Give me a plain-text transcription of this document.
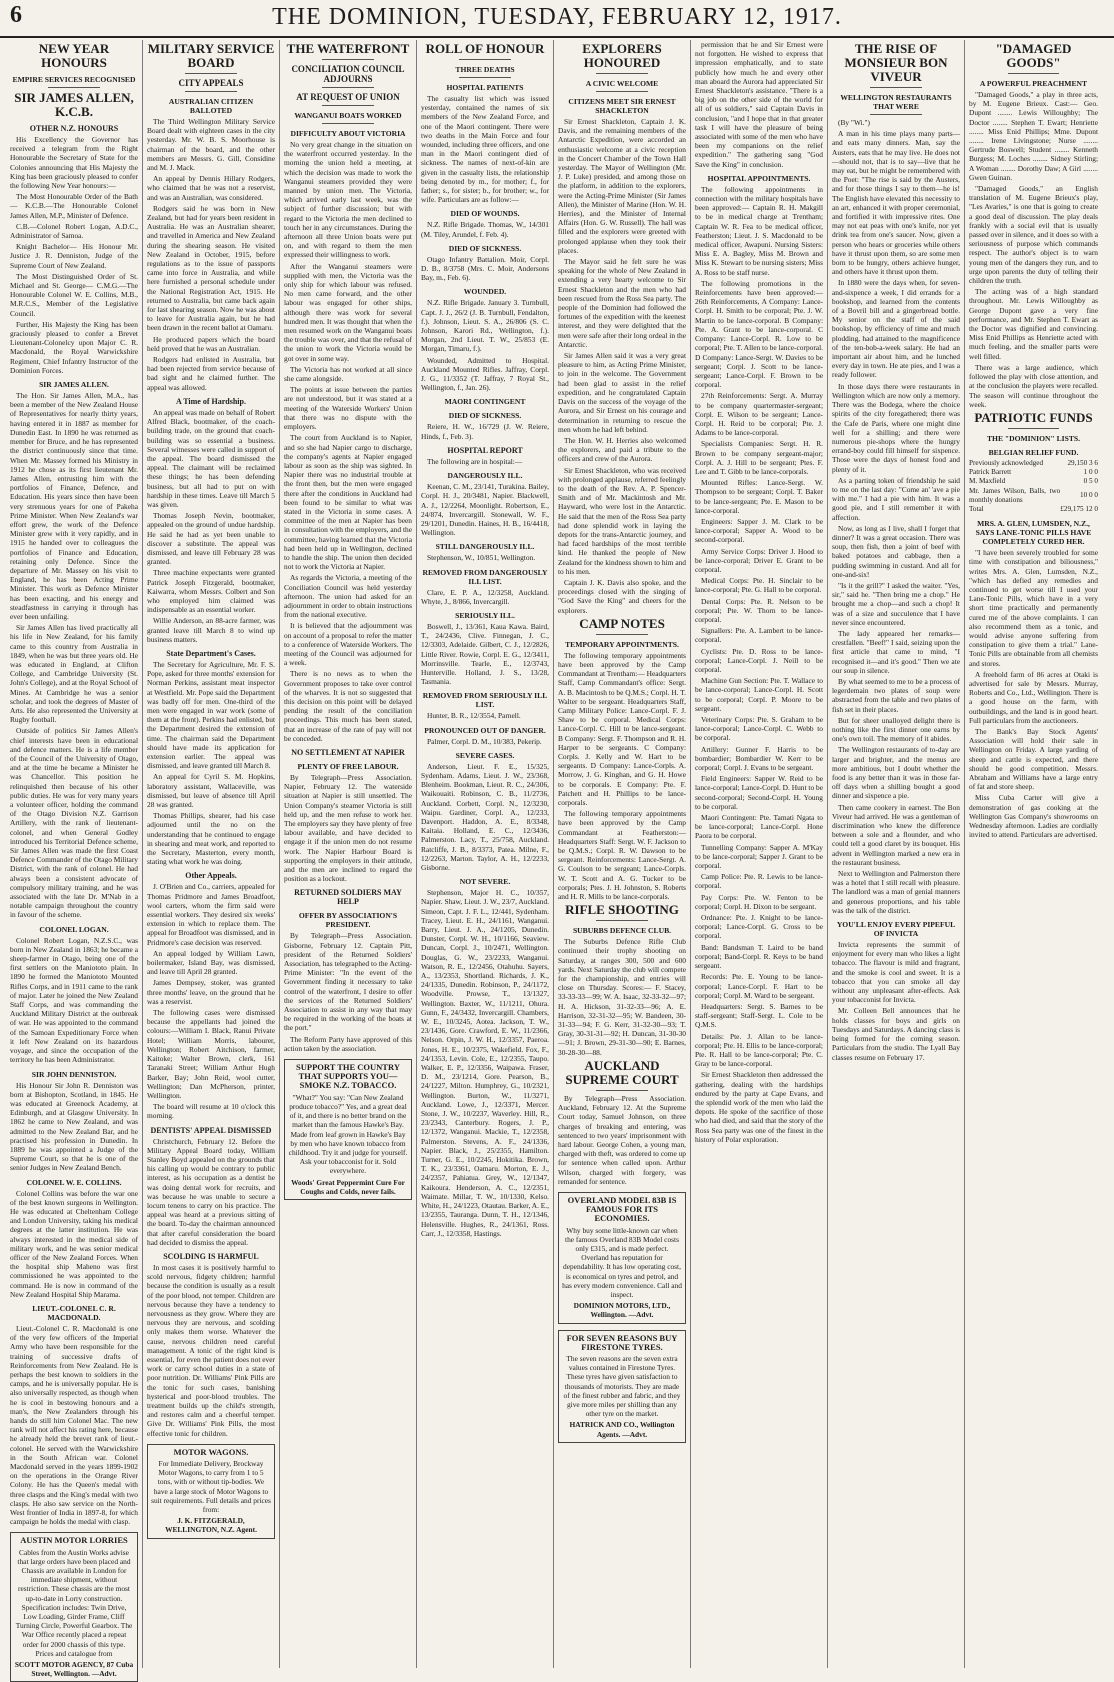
6	THE DOMINION, TUESDAY, FEBRUARY 12, 1917.
NEW YEAR HONOURS
EMPIRE SERVICES RECOGNISED
SIR JAMES ALLEN, K.C.B.
OTHER N.Z. HONOURS

His Excellency the Governor has received a telegram from the Right Honourable the Secretary of State for the Colonies announcing that His Majesty the King has been graciously pleased to confer the following New Year honours:—

The Most Honourable Order of the Bath— K.C.B.—The Honourable Colonel James Allen, M.P., Minister of Defence.

C.B.—Colonel Robert Logan, A.D.C., Administrator of Samoa.

Knight Bachelor— His Honour Mr. Justice J. R. Denniston, Judge of the Supreme Court of New Zealand.

The Most Distinguished Order of St. Michael and St. George— C.M.G.—The Honourable Colonel W. E. Collins, M.B., M.R.C.S., Member of the Legislative Council.

Further, His Majesty the King has been graciously pleased to confer a Brevet Lieutenant-Colonelcy upon Major C. R. Macdonald, the Royal Warwickshire Regiment, Chief Infantry Instructor of the Dominion Forces.

SIR JAMES ALLEN.

The Hon. Sir James Allen, M.A., has been a member of the New Zealand House of Representatives for nearly thirty years, having entered it in 1887 as member for Dunedin East. In 1890 he was returned as member for Bruce, and he has represented the district continuously since that time. When Mr. Massey formed his Ministry in 1912 he chose as its first lieutenant Mr. James Allen, entrusting him with the portfolios of Finance, Defence, and Education. His years since then have been very strenuous years for one of Pakeha Prime Minister. When New Zealand's war effort grew, the work of the Defence Minister grew with it very rapidly, and in 1915 he handed over to colleagues the portfolios of Finance and Education, retaining only Defence. Since the departure of Mr. Massey on his visit to England, he has been Acting Prime Minister. This work as Defence Minister has been exacting, and his energy and steadfastness in carrying it through has ever been unfailing.

Sir James Allen has lived practically all his life in New Zealand, for his family came to this country from Australia in 1849, when he was but three years old. He was educated in England, at Clifton College, and Cambridge University (St. John's College), and at the Royal School of Mines. At Cambridge he was a senior scholar, and took the degrees of Master of Arts. He also represented the University at Rugby football.

Outside of politics Sir James Allen's chief interests have been in educational and defence matters. He is a life member of the Council of the University of Otago, and at the time he became a Minister he was Chancellor. This position he relinquished then because of his other public duties. He was for very many years a volunteer officer, holding the command of the Otago Division N.Z. Garrison Artillery, with the rank of lieutenant-colonel, and when General Godley introduced his Territorial Defence scheme, Sir James Allen was made the first Coast Defence Commander of the Otago Military District, with the rank of colonel. He had always been a consistent advocate of compulsory military training, and he was associated with the late Dr. M'Nab in a notable campaign throughout the country in favour of the scheme.

COLONEL LOGAN.

Colonel Robert Logan, N.Z.S.C., was born in New Zealand in 1863; he became a sheep-farmer in Otago, being one of the first settlers on the Maniototo plain. In 1890 he formed the Maniototo Mounted Rifles Corps, and in 1911 came to the rank of major. Later he joined the New Zealand Staff Corps, and was commanding the Auckland Military District at the outbreak of war. He was appointed to the command of the Samoan Expeditionary Force when it left New Zealand on its hazardous voyage, and since the occupation of the territory he has been Administrator.

SIR JOHN DENNISTON.

His Honour Sir John R. Denniston was born at Bishopton, Scotland, in 1845. He was educated at Greenock Academy, at Edinburgh, and at Glasgow University. In 1862 he came to New Zealand, and was admitted to the New Zealand Bar, and he practised his profession in Dunedin. In 1889 he was appointed a Judge of the Supreme Court, so that he is one of the senior Judges in New Zealand Bench.

COLONEL W. E. COLLINS.

Colonel Collins was before the war one of the best known surgeons in Wellington. He was educated at Cheltenham College and London University, taking his medical degrees at the latter institution. He was always interested in the medical side of military work, and he was senior medical officer of the New Zealand Forces. When the hospital ship Maheno was first commissioned he was appointed to the command. He is now in command of the New Zealand Hospital Ship Marama.

LIEUT.-COLONEL C. R. MACDONALD.

Lieut.-Colonel C. R. Macdonald is one of the very few officers of the Imperial Army who have been responsible for the training of successive drafts of Reinforcements from New Zealand. He is perhaps the best known to soldiers in the camps, and he is universally popular. He is also universally respected, as though when he is cool in bestowing honours and a man's, the New Zealanders through his hands do still him Colonel Mac. The new rank will not affect his rating here, because he already held the brevet rank of lieut.-colonel. He served with the Warwickshire in the South African war. Colonel Macdonald served in the years 1899-1902 on the operations in the Orange River Colony. He has the Queen's medal with three clasps and the King's medal with two clasps. He also saw service on the North-West frontier of India in 1897-8, for which campaign he holds the medal with clasp.

AUSTIN MOTOR LORRIES

Cables from the Austin Works advise that large orders have been placed and Chassis are available in London for immediate shipment, without restriction. These chassis are the most up-to-date in Lorry construction. Specification includes: Twin Drive, Low Loading, Girder Frame, Cliff Turning Circle, Powerful Gearbox. The War Office recently placed a repeat order for 2000 chassis of this type. Prices and catalogue from

SCOTT MOTOR AGENCY, 87 Cuba Street, Wellington. —Advt.
MILITARY SERVICE BOARD
CITY APPEALS
AUSTRALIAN CITIZEN BALLOTED

The Third Wellington Military Service Board dealt with eighteen cases in the city yesterday. Mr. W. B. S. Moorhouse is chairman of the board, and the other members are Messrs. G. Gill, Considine and M. J. Mack.

An appeal by Dennis Hillary Rodgers, who claimed that he was not a reservist, and was an Australian, was considered.

Rodgers said he was born in New Zealand, but had for years been resident in Australia. He was an Australian shearer, and travelled in America and New Zealand during the shearing season. He visited New Zealand in October, 1915, before regulations as to the issue of passports came into force in Australia, and while here furnished a personal schedule under the National Registration Act, 1915. He returned to Australia, but came back again for last shearing season. Now he was about to leave for Australia again, but he had been drawn in the recent ballot at Oamaru.

He produced papers which the board held proved that he was an Australian.

Rodgers had enlisted in Australia, but had been rejected from service because of bad sight and he claimed further. The appeal was allowed.

A Time of Hardship.

An appeal was made on behalf of Robert Alfred Black, bootmaker, of the coach-building trade, on the ground that coach-building was so essential a business. Several witnesses were called in support of the appeal. The board dismissed the appeal. The claimant will be reclaimed these things; he has been defending business, but all had to put on with hardship in these times. Leave till March 5 was given.

Thomas Joseph Nevin, bootmaker, appealed on the ground of undue hardship. He said he had as yet been unable to discover a substitute. The appeal was dismissed, and leave till February 28 was granted.

Three machine expectants were granted Patrick Joseph Fitzgerald, bootmaker, Kaiwarra, whom Messrs. Colbert and Son who employed him claimed was indispensable as an essential worker.

Willie Anderson, an 88-acre farmer, was granted leave till March 8 to wind up business matters.

State Department's Cases.

The Secretary for Agriculture, Mr. F. S. Pope, asked for three months' extension for Norman Perkins, assistant meat inspector at Westfield. Mr. Pope said the Department was badly off for men. One-third of the men were engaged in war work (some of them at the front). Perkins had enlisted, but the Department desired the extension of time. The chairman said the Department should have made its application for extension earlier. The appeal was dismissed, and leave granted till March 8.

An appeal for Cyril S. M. Hopkins, laboratory assistant, Wallaceville, was dismissed, but leave of absence till April 28 was granted.

Thomas Phillips, shearer, had his case adjourned until the no on the understanding that he continued to engage in shearing and meat work, and reported to the Secretary, Masterton, every month, stating what work he was doing.

Other Appeals.

J. O'Brien and Co., carriers, appealed for Thomas Pridmore and James Broadfoot, wool carters, whom the firm said were essential workers. They desired six weeks' extension in which to replace them. The appeal for Broadfoot was dismissed, and in Pridmore's case decision was reserved.

An appeal lodged by William Lawn, boilermaker, Island Bay, was dismissed, and leave till April 28 granted.

James Dempsey, stoker, was granted three months' leave, on the ground that he was a reservist.

The following cases were dismissed because the appellants had joined the colours:—William I. Black, Ranui Private Hotel; William Morris, labourer, Wellington; Robert Aitchison, farmer, Kaitoke; Walter Brown, clerk, 161 Taranaki Street; William Arthur Hugh Barker, Bay; John Reid, wool cutter, Wellington; Dan McPherson, printer, Wellington.

The board will resume at 10 o'clock this morning.

DENTISTS' APPEAL DISMISSED

Christchurch, February 12. Before the Military Appeal Board today, William Stanley Boyd appealed on the grounds that his calling up would be contrary to public interest, as his occupation as a dentist he was doing dental work for recruits, and was because he was unable to secure a locum tenens to carry on his practice. The appeal was heard at a previous sitting of the board. To-day the chairman announced that after careful consideration the board had decided to dismiss the appeal.

SCOLDING IS HARMFUL

In most cases it is positively harmful to scold nervous, fidgety children; harmful because the condition is usually as a result of the poor blood, not temper. Children are nervous because they have a tendency to nervousness as they grow. Where they are nervous they are nervous, and scolding only makes them worse. Whatever the cause, nervous children need careful management. A tonic of the right kind is essential, for even the patient does not ever work or carry school duties in a state of poor nutrition. Dr. Williams' Pink Pills are the tonic for such cases, banishing hysterical and poor-blood troubles. The treatment builds up the child's strength, and restores calm and a cheerful temper. Give Dr. Williams' Pink Pills, the most effective tonic for children.

MOTOR WAGONS.

For Immediate Delivery, Brockway Motor Wagons, to carry from 1 to 5 tons, with or without tip-bodies. We have a large stock of Motor Wagons to suit requirements. Full details and prices from:

J. K. FITZGERALD, WELLINGTON, N.Z. Agent.
THE WATERFRONT
CONCILIATION COUNCIL ADJOURNS
AT REQUEST OF UNION
WANGANUI BOATS WORKED
DIFFICULTY ABOUT VICTORIA

No very great change in the situation on the waterfront occurred yesterday. In the morning the union held a meeting, at which the decision was made to work the Wanganui steamers provided they were manned by union men. The Victoria, which arrived early last week, was the subject of further discussion; but with regard to the Victoria the men declined to touch her in any circumstances. During the afternoon all three Union boats were put on, and with regard to them the men expressed their willingness to work.

After the Wanganui steamers were supplied with men, the Victoria was the only ship for which labour was refused. No men came forward, and the other labour was engaged for other ships, although there was work for several hundred men. It was thought that when the men resumed work on the Wanganui boats the trouble was over, and that the refusal of the union to work the Victoria would be got over in some way.

The Victoria has not worked at all since she came alongside.

The points at issue between the parties are not understood, but it was stated at a meeting of the Waterside Workers' Union that there was no dispute with the employers.

The court from Auckland is to Napier, and so she had Napier cargo to discharge, the company's agents at Napier engaged labour as soon as the ship was sighted. In Napier there was no industrial trouble at the front then, but the men were engaged there after the conditions in Auckland had been found to be similar to what was stated in the Victoria in some cases. A committee of the men at Napier has been in consultation with the employers, and the committee, having learned that the Victoria had been held up in Wellington, declined to handle the ship. The union then decided not to work the Victoria at Napier.

As regards the Victoria, a meeting of the Conciliation Council was held yesterday afternoon. The union had asked for an adjournment in order to obtain instructions from the national executive.

It is believed that the adjournment was on account of a proposal to refer the matter to a conference of Waterside Workers. The meeting of the Council was adjourned for a week.

There is no news as to when the Government proposes to take over control of the wharves. It is not so suggested that this decision on this point will be delayed pending the result of the conciliation proceedings. This much has been stated, that an increase of the rate of pay will not be conceded.

NO SETTLEMENT AT NAPIER
PLENTY OF FREE LABOUR.

By Telegraph—Press Association. Napier, February 12. The waterside situation at Napier is still unsettled. The Union Company's steamer Victoria is still held up, and the men refuse to work her. The employers say they have plenty of free labour available, and have decided to engage it if the union men do not resume work. The Napier Harbour Board is supporting the employers in their attitude, and the men are inclined to regard the position as a lockout.

RETURNED SOLDIERS MAY HELP
OFFER BY ASSOCIATION'S PRESIDENT.

By Telegraph—Press Association. Gisborne, February 12. Captain Pitt, president of the Returned Soldiers' Association, has telegraphed to the Acting-Prime Minister: "In the event of the Government finding it necessary to take control of the waterfront, I desire to offer the services of the Returned Soldiers' Association to assist in any way that may be required in the working of the boats at the port."

The Reform Party have approved of this action taken by the association.

SUPPORT THE COUNTRY THAT SUPPORTS YOU—SMOKE N.Z. TOBACCO.

"What?" You say: "Can New Zealand produce tobacco?" Yes, and a great deal of it, and there is no better brand on the market than the famous Hawke's Bay. Made from leaf grown in Hawke's Bay by men who have known tobacco from childhood. Try it and judge for yourself. Ask your tobacconist for it. Sold everywhere.

Woods' Great Peppermint Cure For Coughs and Colds, never fails.
ROLL OF HONOUR
THREE DEATHS
HOSPITAL PATIENTS

The casualty list which was issued yesterday, contained the names of six members of the New Zealand Force, and one of the Maori contingent. There were two deaths in the Main Force and four wounded, including three officers, and one man in the Maori contingent died of sickness. The names of next-of-kin are given in the casualty lists, the relationship being denoted by m., for mother; f., for father; s., for sister; b., for brother; w., for wife. Particulars are as follow:—

DIED OF WOUNDS.

N.Z. Rifle Brigade. Thomas, W., 14/301 (M. Tiley, Arundel, f. Feb. 4).

DIED OF SICKNESS.

Otago Infantry Battalion. Moir, Corpl. D. B., 8/3758 (Mrs. C. Moir, Andersons Bay, m., Feb. 6).

WOUNDED.

N.Z. Rifle Brigade. January 3. Turnbull, Capt. J. J., 26/2 (J. B. Turnbull, Fendalton, f.). Johnson, Lieut. S. A., 26/806 (S. C. Johnson, Karori Rd., Wellington, f.). Morgan, 2nd Lieut. T. W., 25/853 (E. Morgan, Timaru, f.).

Wounded, Admitted to Hospital. Auckland Mounted Rifles. Jaffray, Corpl. J. G., 11/3352 (T. Jaffray, 7 Royal St., Wellington, f., Jan. 26).

MAORI CONTINGENT
DIED OF SICKNESS.

Reiere, H. W., 16/729 (J. W. Reiere, Hinds, f., Feb. 3).

HOSPITAL REPORT

The following are in hospital:—

DANGEROUSLY ILL.

Keenan, C. M., 23/141, Turakina. Bailey, Corpl. H. J., 20/3481, Napier. Blackwell, A. J., 12/2264, Moonlight. Robertson, E., 24/874, Invercargill. Stonewall, W. F., 29/1201, Dunedin. Haines, H. B., 16/4418, Wellington.

STILL DANGEROUSLY ILL.

Stephenson, W., 10/851, Wellington.

REMOVED FROM DANGEROUSLY ILL LIST.

Clare, E. P. A., 12/3258, Auckland. Whyte, J., 8/866, Invercargill.

SERIOUSLY ILL.

Boswell, J., 13/361, Kaua Kawa. Baird, T., 24/2436, Clive. Finnegan, J. C., 12/3303, Adelaide. Gilbert, C. J., 12/2826, Little River. Rowie, Corpl. E. G., 12/3411, Morrinsville. Tearle, E., 12/3743, Hunterville. Holland, J. S., 13/28, Tasmania.

REMOVED FROM SERIOUSLY ILL LIST.

Hunter, B. R., 12/3554, Parnell.

PRONOUNCED OUT OF DANGER.

Palmer, Corpl. D. M., 10/383, Pekerip.

SEVERE CASES.

Anderson, Lieut. F. E., 15/325, Sydenham. Adams, Lieut. J. W., 23/368, Blenheim. Bookman, Lieut. R. C., 24/306, Waikouaiti. Robinson, C. B., 11/2736, Auckland. Corbett, Corpl. N., 12/3230, Waipu. Gardiner, Corpl. A., 12/233, Davenport. Haddon, A. E., 8/3348, Kaitaia. Holland, E. C., 12/3436, Palmerston. Lacy, T., 25/758, Auckland. Ratcliffe, J. B., 8/3373, Patea. Milne, F., 12/2263, Marton. Taylor, A. H., 12/2233, Gisborne.

NOT SEVERE.

Stephenson, Major H. C., 10/357, Napier. Shaw, Lieut. J. W., 23/7, Auckland. Simeon, Capt. J. F. L., 12/441, Sydenham. Tracey, Lieut. E. H., 24/1161, Wanganui. Barry, Lieut. J. A., 24/1205, Dunedin. Dunster, Corpl. W. H., 10/1166, Seaview. Duncan, Corpl. J., 10/2471, Wellington. Douglas, G. W., 23/2233, Wanganui. Watson, R. E., 12/2456, Otahuhu. Sayers, A., 13/2353, Shortland. Richards, J. K., 24/1335, Dunedin. Robinson, P., 24/1172, Woodville. Prowse, T., 13/1327, Wellington. Baxter, W., 11/1211, Ohura. Gunn, F., 24/3432, Invercargill. Chambers, W. E., 10/3245, Aotea. Jackson, T. W., 23/1436, Gore. Crawford, E. W., 11/2366, Nelson. Orpin, J. W. H., 12/3357, Paeroa. Jones, H. E., 10/2375, Wakefield. Fox, F., 24/1353, Levin. Cole, E., 12/2355, Taupo. Walker, E. P., 12/3356, Waipawa. Fraser, D. M., 23/1214, Gore. Pearson, B., 24/1227, Milton. Humphrey, G., 10/2321, Wellington. Burton, W., 11/3271, Auckland. Lowe, J., 12/3371, Mercer. Stone, J. W., 10/2237, Waverley. Hill, R., 23/2343, Canterbury. Rogers, J. P., 12/1372, Wanganui. Mackie, T., 12/2358, Palmerston. Stevens, A. F., 24/1336, Napier. Black, J., 25/2355, Hamilton. Turner, G. E., 10/2245, Hokitika. Brown, T. K., 23/3361, Oamaru. Morton, E. J., 24/2357, Pahiatua. Grey, W., 12/1347, Kaikoura. Henderson, A. C., 12/2351, Waimate. Millar, T. W., 10/1330, Kelso. White, H., 24/1223, Otautau. Barker, A. E., 13/2355, Tauranga. Dunn, T. H., 12/1346, Helensville. Hughes, R., 24/1361, Ross. Carr, J., 12/3358, Hastings.

EXPLORERS HONOURED
A CIVIC WELCOME
CITIZENS MEET SIR ERNEST SHACKLETON

Sir Ernest Shackleton, Captain J. K. Davis, and the remaining members of the Antarctic Expedition, were accorded an enthusiastic welcome at a civic reception in the Concert Chamber of the Town Hall yesterday. The Mayor of Wellington (Mr. J. P. Luke) presided, and among those on the platform, in addition to the explorers, were the Acting-Prime Minister (Sir James Allen), the Minister of Marine (Hon. W. H. Herries), and the Minister of Internal Affairs (Hon. G. W. Russell). The hall was filled and the explorers were greeted with prolonged applause when they took their places.

The Mayor said he felt sure he was speaking for the whole of New Zealand in extending a very hearty welcome to Sir Ernest Shackleton and the men who had been rescued from the Ross Sea party. The people of the Dominion had followed the fortunes of the expedition with the keenest interest, and they were delighted that the men were safe after their long ordeal in the Antarctic.

Sir James Allen said it was a very great pleasure to him, as Acting Prime Minister, to join in the welcome. The Government had been glad to assist in the relief expedition, and he congratulated Captain Davis on the success of the voyage of the Aurora, and Sir Ernest on his courage and determination in returning to rescue the men whom he had left behind.

The Hon. W. H. Herries also welcomed the explorers, and paid a tribute to the officers and crew of the Aurora.

Sir Ernest Shackleton, who was received with prolonged applause, referred feelingly to the death of the Rev. A. P. Spencer-Smith and of Mr. Mackintosh and Mr. Hayward, who were lost in the Antarctic. He said that the men of the Ross Sea party had done splendid work in laying the depots for the trans-Antarctic journey, and had faced hardships of the most terrible kind. He thanked the people of New Zealand for the kindness shown to him and to his men.

Captain J. K. Davis also spoke, and the proceedings closed with the singing of "God Save the King" and cheers for the explorers.

CAMP NOTES
TEMPORARY APPOINTMENTS.

The following temporary appointments have been approved by the Camp Commandant at Trentham:— Headquarters Staff, Camp Commandant's office: Sergt. A. B. Macintosh to be Q.M.S.; Corpl. H. T. Walter to be sergeant. Headquarters Staff, Camp Military Police: Lance-Corpl. F. J. Shaw to be corporal. Medical Corps: Lance-Corpl. C. Hill to be lance-sergeant. B Company: Sergt. F. Thompson and R. H. Harper to be sergeants. C Company: Corpls. J. Kelly and W. Hart to be sergeants. D Company: Lance-Corpls. A. Morrow, J. G. Kinghan, and G. H. Howe to be corporals. E Company: Pte. F. Patchett and H. Phillips to be lance-corporals.

The following temporary appointments have been approved by the Camp Commandant at Featherston:— Headquarters Staff: Sergt. W. F. Jackson to be Q.M.S.; Corpl. R. W. Dawson to be sergeant. Reinforcements: Lance-Sergt. A. G. Coulson to be sergeant; Lance-Corpls. W. T. Scott and A. G. Tucker to be corporals; Ptes. J. H. Johnston, S. Roberts and H. R. Mills to be lance-corporals.

RIFLE SHOOTING
SUBURBS DEFENCE CLUB.

The Suburbs Defence Rifle Club continued their trophy shooting on Saturday, at ranges 300, 500 and 600 yards. Next Saturday the club will compete for the championship, and entries will close on Thursday. Scores:— F. Stacey, 33-33-33—99; W. A. Isaac, 32-33-32—97; H. A. Hickson, 31-32-33—96; A. E. Harrison, 32-31-32—95; W. Bandeen, 30-31-33—94; F. G. Kerr, 31-32-30—93; T. Gray, 30-31-31—92; H. Duncan, 31-30-30—91; J. Brown, 29-31-30—90; E. Barnes, 30-28-30—88.

AUCKLAND SUPREME COURT

By Telegraph—Press Association. Auckland, February 12. At the Supreme Court today, Samuel Johnson, on three charges of breaking and entering, was sentenced to two years' imprisonment with hard labour. George Cohen, a young man, charged with theft, was ordered to come up for sentence when called upon. Arthur Wilson, charged with forgery, was remanded for sentence.

OVERLAND MODEL 83B IS FAMOUS FOR ITS ECONOMIES.

Why buy some little-known car when the famous Overland 83B Model costs only £315, and is made perfect. Overland has reputation for dependability. It has low operating cost, is economical on tyres and petrol, and has every modern convenience. Call and inspect.

DOMINION MOTORS, LTD., Wellington. —Advt.
FOR SEVEN REASONS BUY FIRESTONE TYRES.

The seven reasons are the seven extra values contained in Firestone Tyres. These tyres have given satisfaction to thousands of motorists. They are made of the finest rubber and fabric, and they give more miles per shilling than any other tyre on the market.

HATRICK AND CO., Wellington Agents. —Advt.

permission that he and Sir Ernest were not forgotten. He wished to express that impression emphatically, and to state publicly how much he and every other man aboard the Aurora had appreciated Sir Ernest Shackleton's assistance. "There is a big job on the other side of the world for all of us soldiers," said Captain Davis in conclusion, "and I hope that in that greater task I will have the pleasure of being associated with some of the men who have been my companions on the relief expedition." The gathering sang "God Save the King" in conclusion.

HOSPITAL APPOINTMENTS.

The following appointments in connection with the military hospitals have been approved:— Captain R. H. Makgill to be in medical charge at Trentham; Captain W. R. Fea to be medical officer, Featherston; Lieut. J. S. Macdonald to be medical officer, Awapuni. Nursing Sisters: Miss E. A. Bagley, Miss M. Brown and Miss K. Stewart to be nursing sisters; Miss A. Ross to be staff nurse.

The following promotions in the Reinforcements have been approved:— 26th Reinforcements, A Company: Lance-Corpl. H. Smith to be corporal; Pte. J. W. Martin to be lance-corporal. B Company: Pte. A. Grant to be lance-corporal. C Company: Lance-Corpl. R. Low to be corporal; Pte. T. Allen to be lance-corporal. D Company: Lance-Sergt. W. Davies to be sergeant; Corpl. J. Scott to be lance-sergeant; Lance-Corpl. F. Brown to be corporal.

27th Reinforcements: Sergt. A. Murray to be company quartermaster-sergeant; Corpl. E. Wilson to be sergeant; Lance-Corpl. H. Reid to be corporal; Pte. J. Adams to be lance-corporal.

Specialists Companies: Sergt. H. R. Brown to be company sergeant-major; Corpl. A. J. Hill to be sergeant; Ptes. F. Lee and T. Gibb to be lance-corporals.

Mounted Rifles: Lance-Sergt. W. Thompson to be sergeant; Corpl. T. Baker to be lance-sergeant; Pte. E. Mason to be lance-corporal.

Engineers: Sapper J. M. Clark to be lance-corporal; Sapper A. Wood to be second-corporal.

Army Service Corps: Driver J. Hood to be lance-corporal; Driver E. Grant to be corporal.

Medical Corps: Pte. H. Sinclair to be lance-corporal; Pte. G. Hall to be corporal.

Dental Corps: Pte. R. Nelson to be corporal; Pte. W. Thorn to be lance-corporal.

Signallers: Pte. A. Lambert to be lance-corporal.

Cyclists: Pte. D. Ross to be lance-corporal; Lance-Corpl. J. Neill to be corporal.

Machine Gun Section: Pte. T. Wallace to be lance-corporal; Lance-Corpl. H. Scott to be corporal; Corpl. P. Moore to be sergeant.

Veterinary Corps: Pte. S. Graham to be lance-corporal; Lance-Corpl. C. Webb to be corporal.

Artillery: Gunner F. Harris to be bombardier; Bombardier W. Kerr to be corporal; Corpl. J. Evans to be sergeant.

Field Engineers: Sapper W. Reid to be lance-corporal; Lance-Corpl. D. Hunt to be second-corporal; Second-Corpl. H. Young to be corporal.

Maori Contingent: Pte. Tamati Ngata to be lance-corporal; Lance-Corpl. Hone Paora to be corporal.

Tunnelling Company: Sapper A. M'Kay to be lance-corporal; Sapper J. Grant to be corporal.

Camp Police: Pte. R. Lewis to be lance-corporal.

Pay Corps: Pte. W. Fenton to be corporal; Corpl. H. Dixon to be sergeant.

Ordnance: Pte. J. Knight to be lance-corporal; Lance-Corpl. G. Cross to be corporal.

Band: Bandsman T. Laird to be band corporal; Band-Corpl. R. Keys to be band sergeant.

Records: Pte. E. Young to be lance-corporal; Lance-Corpl. F. Hart to be corporal; Corpl. M. Ward to be sergeant.

Headquarters: Sergt. S. Barnes to be staff-sergeant; Staff-Sergt. L. Cole to be Q.M.S.

Details: Pte. J. Allan to be lance-corporal; Pte. H. Ellis to be lance-corporal; Pte. R. Hall to be lance-corporal; Pte. C. Gray to be lance-corporal.

Sir Ernest Shackleton then addressed the gathering, dealing with the hardships endured by the party at Cape Evans, and the splendid work of the men who laid the depots. He spoke of the sacrifice of those who had died, and said that the story of the Ross Sea party was one of the finest in the history of Polar exploration.

THE RISE OF MONSIEUR BON VIVEUR
WELLINGTON RESTAURANTS THAT WERE

(By "Wi.")

A man in his time plays many parts—and eats many dinners. Man, say the Austers, eats that he may live. He does not—should not, that is to say—live that he may eat, but he might be remembered with the Poet: "The rise is said by the Austers, and for those things I say to them—he is! The English have elevated this necessity to an art, enhanced it with proper ceremonial, and fortified it with impressive rites. One may not eat peas with one's knife, nor yet drink tea from one's saucer. Now, given a person who hears or groceries while others have it thrust upon them, so are some men born to be hungry, others achieve hunger, and others have it thrust upon them.

In 1880 were the days when, for seven-and-sixpence a week, I did errands for a bookshop, and learned from the contents of a Bovril bill and a gingerbread bottle. My senior on the staff of the said bookshop, by efficiency of time and much plodding, had attained to the magnificence of the ten-bob-a-week salary. He had an important air about him, and he lunched every day in town. He ate pies, and I was a ready follower.

In those days there were restaurants in Wellington which are now only a memory. There was the Bodega, where the choice spirits of the city foregathered; there was the Cafe de Paris, where one might dine well for a shilling; and there were numerous pie-shops where the hungry errand-boy could fill himself for sixpence. Those were the days of honest food and plenty of it.

As a parting token of friendship he said to me on the last day: "Come an' 'ave a pie with me." I had a pie with him. It was a good pie, and I still remember it with affection.

Now, as long as I live, shall I forget that dinner? It was a great occasion. There was soup, then fish, then a joint of beef with baked potatoes and cabbage, then a pudding swimming in custard. And all for one-and-six!

"Is it the grill?" I asked the waiter. "Yes, sir," said he. "Then bring me a chop." He brought me a chop—and such a chop! It was of a size and succulence that I have never since encountered.

The lady appeared her remarks—crestfallen. "Beef!" I said, seizing upon the first article that came to mind, "I recognised it—and it's good." Then we ate our soup in silence.

By what seemed to me to be a process of legerdemain two plates of soup were abstracted from the table and two plates of fish set in their places.

But for sheer unalloyed delight there is nothing like the first dinner one earns by one's own toil. The memory of it abides.

The Wellington restaurants of to-day are larger and brighter, and the menus are more ambitious, but I doubt whether the food is any better than it was in those far-off days when a shilling bought a good dinner and sixpence a pie.

Then came cookery in earnest. The Bon Viveur had arrived. He was a gentleman of discrimination who knew the difference between a sole and a flounder, and who could tell a good claret by its bouquet. His advent in Wellington marked a new era in the restaurant business.

Next to Wellington and Palmerston there was a hotel that I still recall with pleasure. The landlord was a man of genial manners and generous proportions, and his table was the talk of the district.

YOU'LL ENJOY EVERY PIPEFUL OF INVICTA

Invicta represents the summit of enjoyment for every man who likes a light tobacco. The flavour is mild and fragrant, and the smoke is cool and sweet. It is a tobacco that you can smoke all day without any unpleasant after-effects. Ask your tobacconist for Invicta.

Mr. Colleen Bell announces that he holds classes for boys and girls on Tuesdays and Saturdays. A dancing class is being formed for the coming season. Particulars from the studio. The Lyall Bay classes resume on February 17.

"DAMAGED GOODS"
A POWERFUL PREACHMENT

"Damaged Goods," a play in three acts, by M. Eugene Brieux. Cast:— Geo. Dupont ........ Lewis Willoughby; The Doctor ........ Stephen T. Ewart; Henriette ........ Miss Enid Phillips; Mme. Dupont ........ Irene Livingstone; Nurse ........ Gertrude Boswell; Student ........ Kenneth Burgess; M. Loches ........ Sidney Stirling; A Woman ........ Dorothy Daw; A Girl ........ Gwen Guinan.

"Damaged Goods," an English translation of M. Eugene Brieux's play, "Les Avaries," is one that is going to create a good deal of discussion. The play deals frankly with a social evil that is usually passed over in silence, and it does so with a seriousness of purpose which commands respect. The author's object is to warn young men of the dangers they run, and to urge upon parents the duty of telling their children the truth.

The acting was of a high standard throughout. Mr. Lewis Willoughby as George Dupont gave a very fine performance, and Mr. Stephen T. Ewart as the Doctor was dignified and convincing. Miss Enid Phillips as Henriette acted with much feeling, and the smaller parts were well filled.

There was a large audience, which followed the play with close attention, and at the conclusion the players were recalled. The season will continue throughout the week.

PATRIOTIC FUNDS
THE "DOMINION" LISTS.
BELGIAN RELIEF FUND.
Previously acknowledged	29,150 3 6
Patrick Barrett	1 0 0
M. Maxfield	0 5 0
Mr. James Wilson, Balls, two monthly donations	10 0 0
Total	£29,175 12 0
MRS. A. GLEN, LUMSDEN, N.Z., SAYS LANE-TONIC PILLS HAVE COMPLETELY CURED HER.

"I have been severely troubled for some time with constipation and biliousness," writes Mrs. A. Glen, Lumsden, N.Z., "which has defied any remedies and continued to get worse till I used your Lane-Tonic Pills, which have in a very short time practically and permanently cured me of the above complaints. I can also recommend them as a tonic, and would advise anyone suffering from constipation to give them a trial." Lane-Tonic Pills are obtainable from all chemists and stores.

A freehold farm of 86 acres at Otaki is advertised for sale by Messrs. Murray, Roberts and Co., Ltd., Wellington. There is a good house on the farm, with outbuildings, and the land is in good heart. Full particulars from the auctioneers.

The Bank's Bay Stock Agents' Association will hold their sale in Wellington on Friday. A large yarding of sheep and cattle is expected, and there should be good competition. Messrs. Abraham and Williams have a large entry of fat and store sheep.

Miss Cuba Carter will give a demonstration of gas cooking at the Wellington Gas Company's showrooms on Wednesday afternoon. Ladies are cordially invited to attend. Particulars are advertised.
